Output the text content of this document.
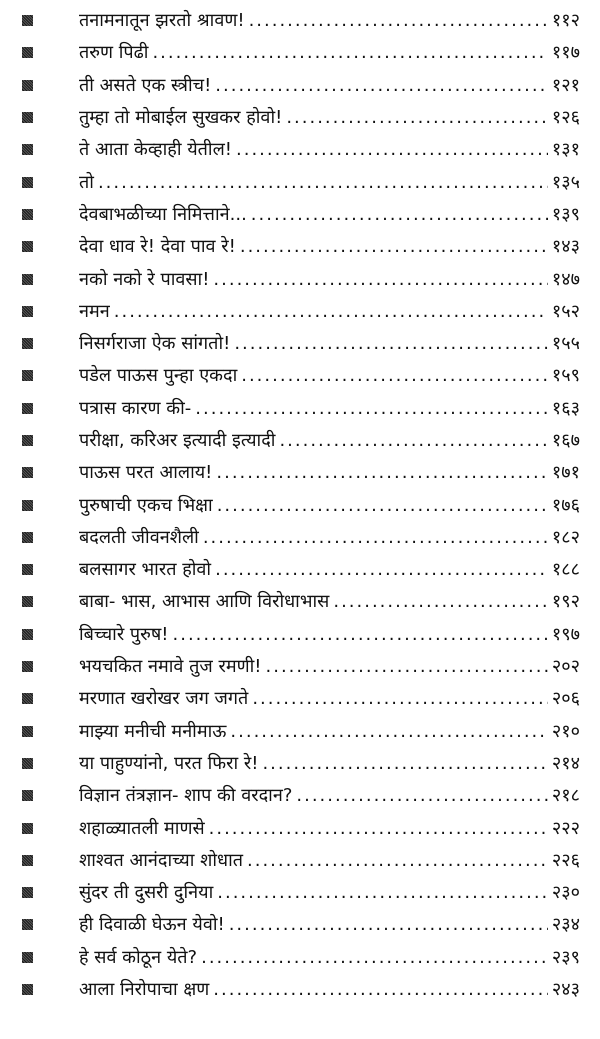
तनामनातून झरतो श्रावण! .....	११२
तरुण पिढी .....	११७
ती असते एक स्त्रीच! .....	१२१
तुम्हा तो मोबाईल सुखकर होवो! .....	१२६
ते आता केव्हाही येतील! .....	१३१
तो .....	१३५
देवबाभळीच्या निमित्ताने... .....	१३९
देवा धाव रे! देवा पाव रे! .....	१४३
नको नको रे पावसा! .....	१४७
नमन .....	१५२
निसर्गराजा ऐक सांगतो! .....	१५५
पडेल पाऊस पुन्हा एकदा .....	१५९
पत्रास कारण की- .....	१६३
परीक्षा, करिअर इत्यादी इत्यादी .....	१६७
पाऊस परत आलाय! .....	१७१
पुरुषाची एकच भिक्षा .....	१७६
बदलती जीवनशैली .....	१८२
बलसागर भारत होवो .....	१८८
बाबा- भास, आभास आणि विरोधाभास .....	१९२
बिच्चारे पुरुष! .....	१९७
भयचकित नमावे तुज रमणी! .....	२०२
मरणात खरोखर जग जगते .....	२०६
माझ्या मनीची मनीमाऊ .....	२१०
या पाहुण्यांनो, परत फिरा रे! .....	२१४
विज्ञान तंत्रज्ञान- शाप की वरदान? .....	२१८
शहाळ्यातली माणसे .....	२२२
शाश्वत आनंदाच्या शोधात .....	२२६
सुंदर ती दुसरी दुनिया .....	२३०
ही दिवाळी घेऊन येवो! .....	२३४
हे सर्व कोठून येते? .....	२३९
आला निरोपाचा क्षण .....	२४३
